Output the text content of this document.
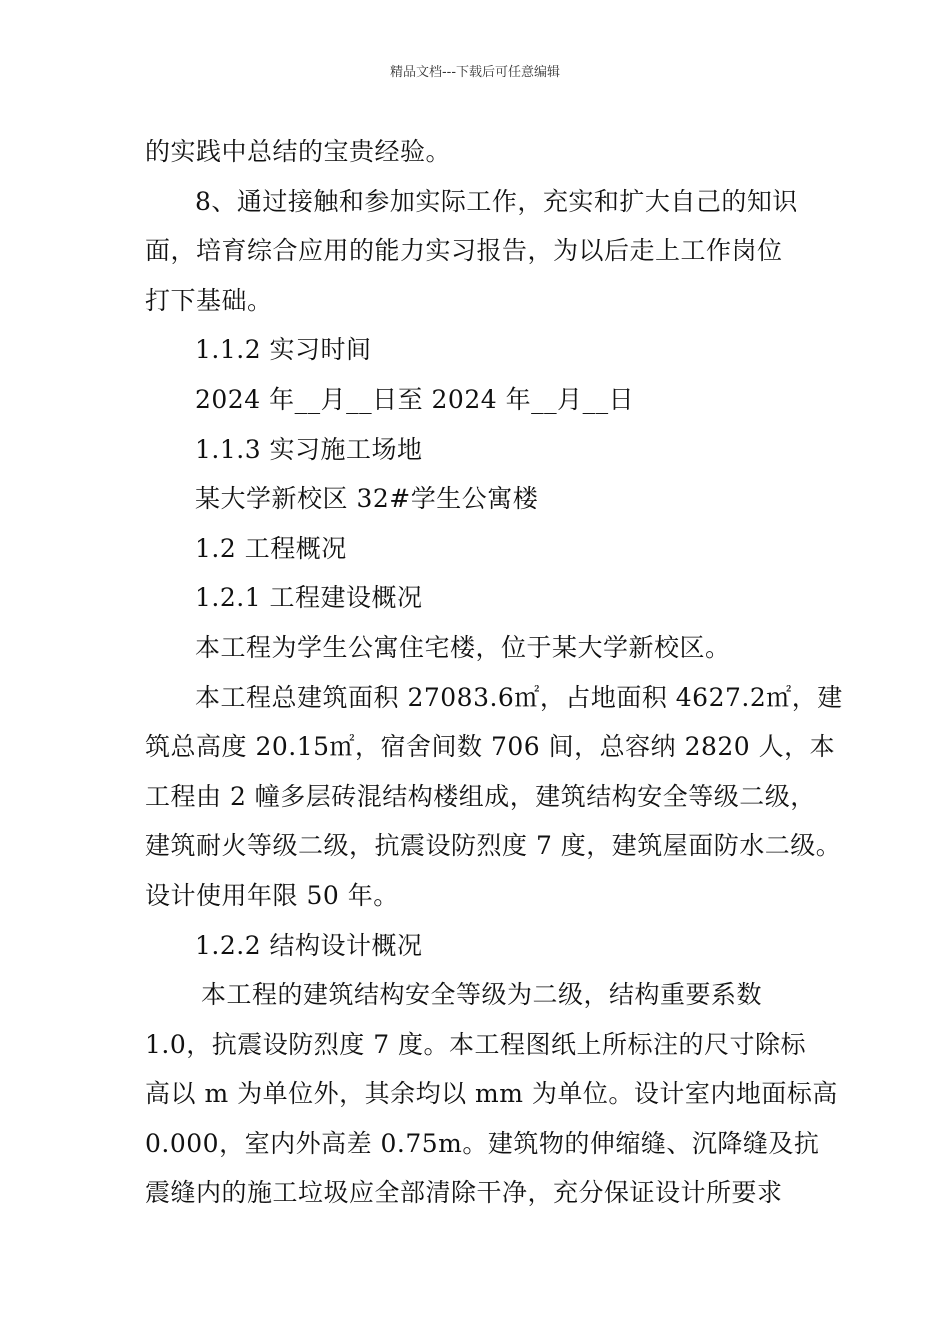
精品文档---下载后可任意编辑
的实践中总结的宝贵经验。
8、通过接触和参加实际工作，充实和扩大自己的知识
面，培育综合应用的能力实习报告，为以后走上工作岗位
打下基础。
1.1.2 实习时间
2024 年__月__日至 2024 年__月__日
1.1.3 实习施工场地
某大学新校区 32#学生公寓楼
1.2 工程概况
1.2.1 工程建设概况
本工程为学生公寓住宅楼，位于某大学新校区。
本工程总建筑面积 27083.6㎡，占地面积 4627.2㎡，建
筑总高度 20.15㎡，宿舍间数 706 间，总容纳 2820 人，本
工程由 2 幢多层砖混结构楼组成，建筑结构安全等级二级，
建筑耐火等级二级，抗震设防烈度 7 度，建筑屋面防水二级。
设计使用年限 50 年。
1.2.2 结构设计概况
本工程的建筑结构安全等级为二级，结构重要系数
1.0，抗震设防烈度 7 度。本工程图纸上所标注的尺寸除标
高以 m 为单位外，其余均以 mm 为单位。设计室内地面标高
0.000，室内外高差 0.75m。建筑物的伸缩缝、沉降缝及抗
震缝内的施工垃圾应全部清除干净，充分保证设计所要求
